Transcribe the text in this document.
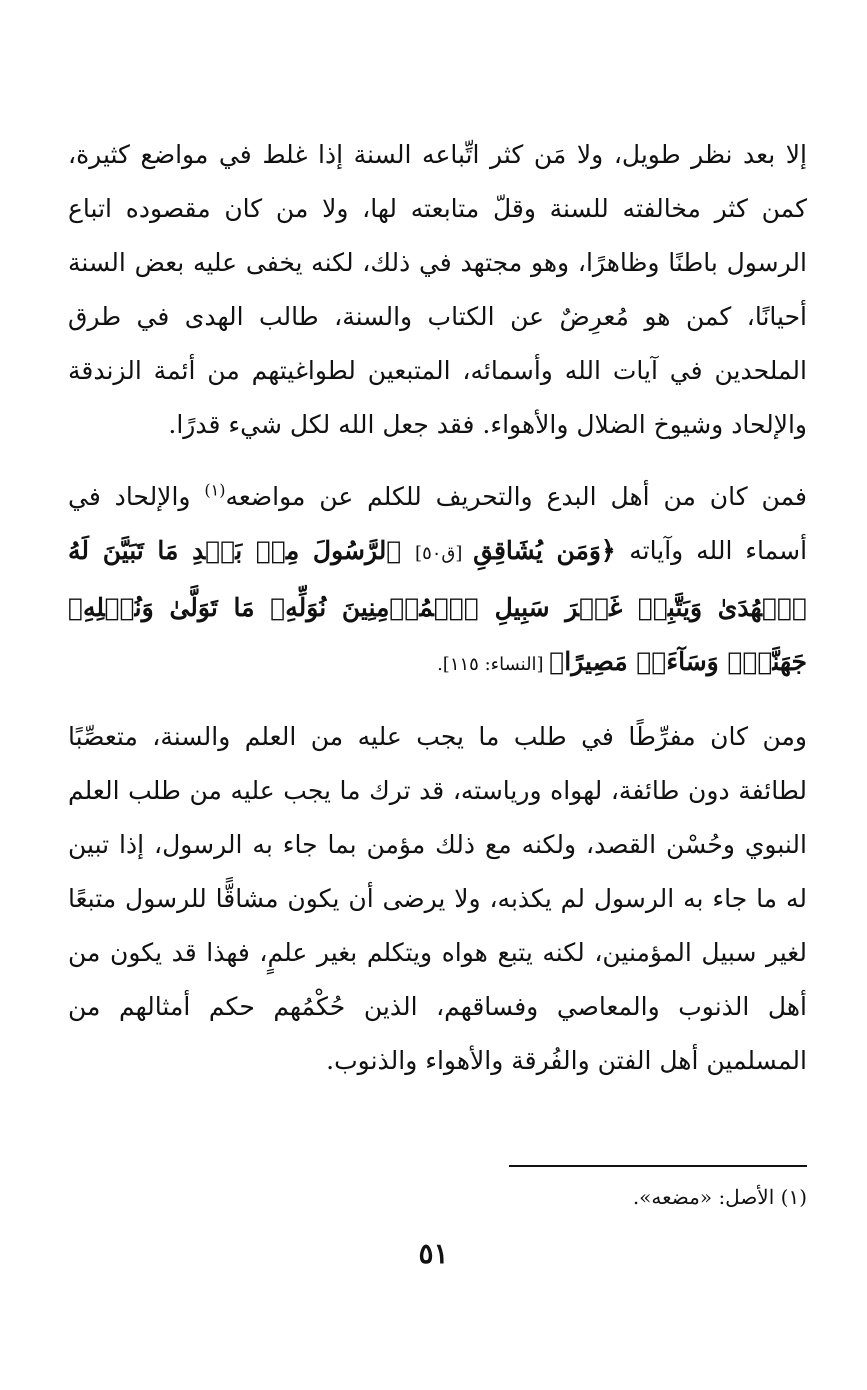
إلا بعد نظر طويل، ولا مَن كثر اتِّباعه السنة إذا غلط في مواضع كثيرة، كمن كثر مخالفته للسنة وقلّ متابعته لها، ولا من كان مقصوده اتباع الرسول باطنًا وظاهرًا، وهو مجتهد في ذلك، لكنه يخفى عليه بعض السنة أحيانًا، كمن هو مُعرِضٌ عن الكتاب والسنة، طالب الهدى في طرق الملحدين في آيات الله وأسمائه، المتبعين لطواغيتهم من أئمة الزندقة والإلحاد وشيوخ الضلال والأهواء. فقد جعل الله لكل شيء قدرًا.

فمن كان من أهل البدع والتحريف للكلم عن مواضعه$^{(١)}$ والإلحاد في أسماء الله وآياته ﴿وَمَن يُشَاقِقِ [ق٥٠] ٱلرَّسُولَ مِنۢ بَعۡدِ مَا تَبَيَّنَ لَهُ ٱلۡهُدَىٰ وَيَتَّبِعۡ غَيۡرَ سَبِيلِ ٱلۡمُؤۡمِنِينَ نُوَلِّهِۦ مَا تَوَلَّىٰ وَنُصۡلِهِۦ جَهَنَّمَۖ وَسَآءَتۡ مَصِيرًا﴾ [النساء: ١١٥].

ومن كان مفرِّطًا في طلب ما يجب عليه من العلم والسنة، متعصِّبًا لطائفة دون طائفة، لهواه ورياسته، قد ترك ما يجب عليه من طلب العلم النبوي وحُسْن القصد، ولكنه مع ذلك مؤمن بما جاء به الرسول، إذا تبين له ما جاء به الرسول لم يكذبه، ولا يرضى أن يكون مشاقًّا للرسول متبعًا لغير سبيل المؤمنين، لكنه يتبع هواه ويتكلم بغير علمٍ، فهذا قد يكون من أهل الذنوب والمعاصي وفساقهم، الذين حُكْمُهم حكم أمثالهم من المسلمين أهل الفتن والفُرقة والأهواء والذنوب.

(١) الأصل: «مضعه».

٥١
